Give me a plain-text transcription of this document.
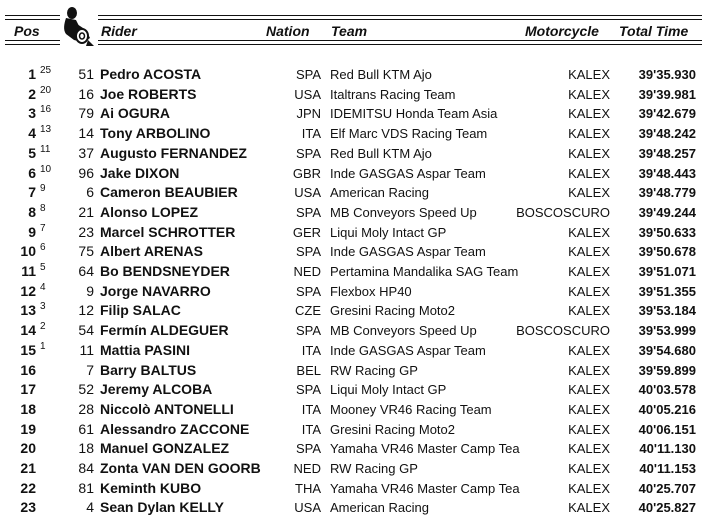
Pos	Rider	Nation Team	Motorcycle Total Time
1 25	51 Pedro ACOSTA	SPA Red Bull KTM Ajo	KALEX	39'35.930
2 20	16 Joe ROBERTS	USA Italtrans Racing Team	KALEX	39'39.981
3 16	79 Ai OGURA	JPN IDEMITSU Honda Team Asia	KALEX	39'42.679
4 13	14 Tony ARBOLINO	ITA Elf Marc VDS Racing Team	KALEX	39'48.242
5 11	37 Augusto FERNANDEZ	SPA Red Bull KTM Ajo	KALEX	39'48.257
6 10	96 Jake DIXON	GBR Inde GASGAS Aspar Team	KALEX	39'48.443
7 9	6 Cameron BEAUBIER	USA American Racing	KALEX	39'48.779
8 8	21 Alonso LOPEZ	SPA MB Conveyors Speed Up	BOSCOSCURO	39'49.244
9 7	23 Marcel SCHROTTER	GER Liqui Moly Intact GP	KALEX	39'50.633
10 6	75 Albert ARENAS	SPA Inde GASGAS Aspar Team	KALEX	39'50.678
11 5	64 Bo BENDSNEYDER	NED Pertamina Mandalika SAG Team	KALEX	39'51.071
12 4	9 Jorge NAVARRO	SPA Flexbox HP40	KALEX	39'51.355
13 3	12 Filip SALAC	CZE Gresini Racing Moto2	KALEX	39'53.184
14 2	54 Fermín ALDEGUER	SPA MB Conveyors Speed Up	BOSCOSCURO	39'53.999
15 1	11 Mattia PASINI	ITA Inde GASGAS Aspar Team	KALEX	39'54.680
16	7 Barry BALTUS	BEL RW Racing GP	KALEX	39'59.899
17	52 Jeremy ALCOBA	SPA Liqui Moly Intact GP	KALEX	40'03.578
18	28 Niccolò ANTONELLI	ITA Mooney VR46 Racing Team	KALEX	40'05.216
19	61 Alessandro ZACCONE	ITA Gresini Racing Moto2	KALEX	40'06.151
20	18 Manuel GONZALEZ	SPA Yamaha VR46 Master Camp Tea	KALEX	40'11.130
21	84 Zonta VAN DEN GOORB	NED RW Racing GP	KALEX	40'11.153
22	81 Keminth KUBO	THA Yamaha VR46 Master Camp Tea	KALEX	40'25.707
23	4 Sean Dylan KELLY	USA American Racing	KALEX	40'25.827
